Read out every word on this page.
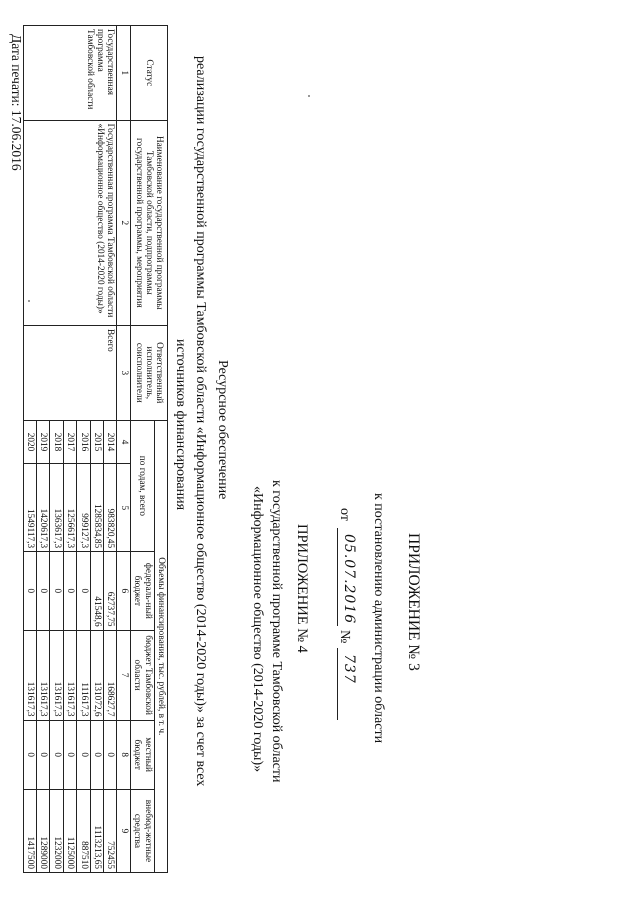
ПРИЛОЖЕНИЕ № 3
к постановлению администрации области
от
05.07.2016
№
737
ПРИЛОЖЕНИЕ № 4
к государственной программе Тамбовской области
«Информационное общество (2014-2020 годы)»
Ресурсное обеспечение
реализации государственной программы Тамбовской области «Информационное общество (2014-2020 годы)» за счет всех
источников финансирования
Статус	Наименование государственной программы Тамбовской области, подпрограммы государственной программы, мероприятия	Ответственный исполнитель, соисполнители	Объемы финансирования, тыс. рублей, в т. ч.					
			по годам, всего		федераль-ный бюджет	бюджет Тамбовской области	местный бюджет	внебюд-жетные средства
1	2	3	4	5	6	7	8	9
Государственная программа Тамбовской области	Государственная программа Тамбовской области «Информационное общество (2014-2020 годы)»	Всего	2014	983820,45	62737,75	168627,7	0	752455
			2015	1285834,85	41548,6	131072,6	0	1113213,65
			2016	999127,3	0	111617,3	0	887510
			2017	1256617,3	0	131617,3	0	1125000
			2018	1363617,3	0	131617,3	0	1232000
			2019	1420617,3	0	131617,3	0	1289000
			2020	1549117,3	0	131617,3	0	1417500
Дата печати: 17.06.2016
